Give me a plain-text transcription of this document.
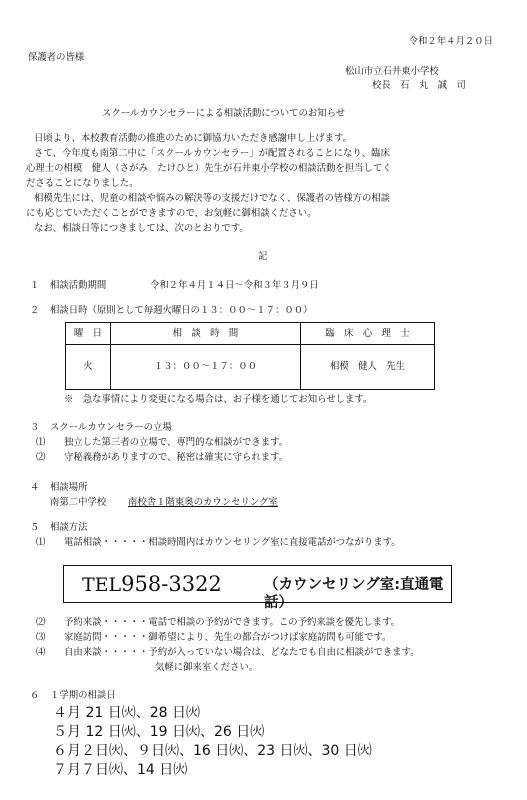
令和２年４月２０日

保護者の皆様

松山市立石井東小学校

校長　石　丸　誠　司

スクールカウンセラーによる相談活動についてのお知らせ

日頃より、本校教育活動の推進のために御協力いただき感謝申し上げます。

さて、今年度も南第二中に「スクールカウンセラー」が配置されることになり、臨床

心理士の相模　健人（さがみ　たけひと）先生が石井東小学校の相談活動を担当してく

ださることになりました。

相模先生には、児童の相談や悩みの解決等の支援だけでなく、保護者の皆様方の相談

にも応じていただくことができますので、お気軽に御相談ください。

なお、相談日等につきましては、次のとおりです。

記

１ 相談活動期間	令和２年４月１４日～令和３年３月９日

２ 相談日時（原則として毎週火曜日の１３：００～１７：００）

曜　日	相　談　時　間	臨　床　心　理　士
火	１３：００～１７：００	相模　健人　先生

※　急な事情により変更になる場合は、お子様を通じてお知らせします。

３ スクールカウンセラーの立場

⑴ 独立した第三者の立場で、専門的な相談ができます。

⑵ 守秘義務がありますので、秘密は確実に守られます。

４ 相談場所

南第二中学校 南校舎１階東奥のカウンセリング室

５ 相談方法

⑴ 電話相談・・・・・相談時間内はカウンセリング室に直接電話がつながります。

TEL958-3322	（カウンセリング室:直通電話）

⑵ 予約来談・・・・・電話で相談の予約ができます。この予約来談を優先します。

⑶ 家庭訪問・・・・・御希望により、先生の都合がつけば家庭訪問も可能です。

⑷ 自由来談・・・・・予約が入っていない場合は、どなたでも自由に相談ができます。

気軽に御来室ください。

６ １学期の相談日

４月 21 日㈫、28 日㈫

５月 12 日㈫、19 日㈫、26 日㈫

６月２日㈫、９日㈫、16 日㈫、23 日㈫、30 日㈫

７月７日㈫、14 日㈫
